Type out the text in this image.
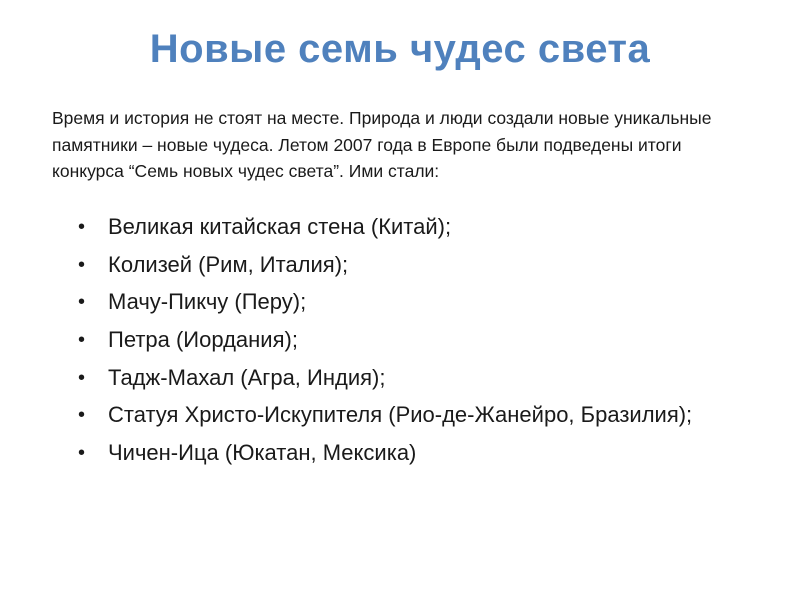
Новые семь чудес света

Время и история не стоят на месте. Природа и люди создали новые уникальные памятники – новые чудеса. Летом 2007 года в Европе были подведены итоги конкурса “Семь новых чудес света”. Ими стали:

•	Великая китайская стена (Китай);
•	Колизей (Рим, Италия);
•	Мачу-Пикчу (Перу);
•	Петра (Иордания);
•	Тадж-Махал (Агра, Индия);
•	Статуя Христо-Искупителя (Рио-де-Жанейро, Бразилия);
•	Чичен-Ица (Юкатан, Мексика)
